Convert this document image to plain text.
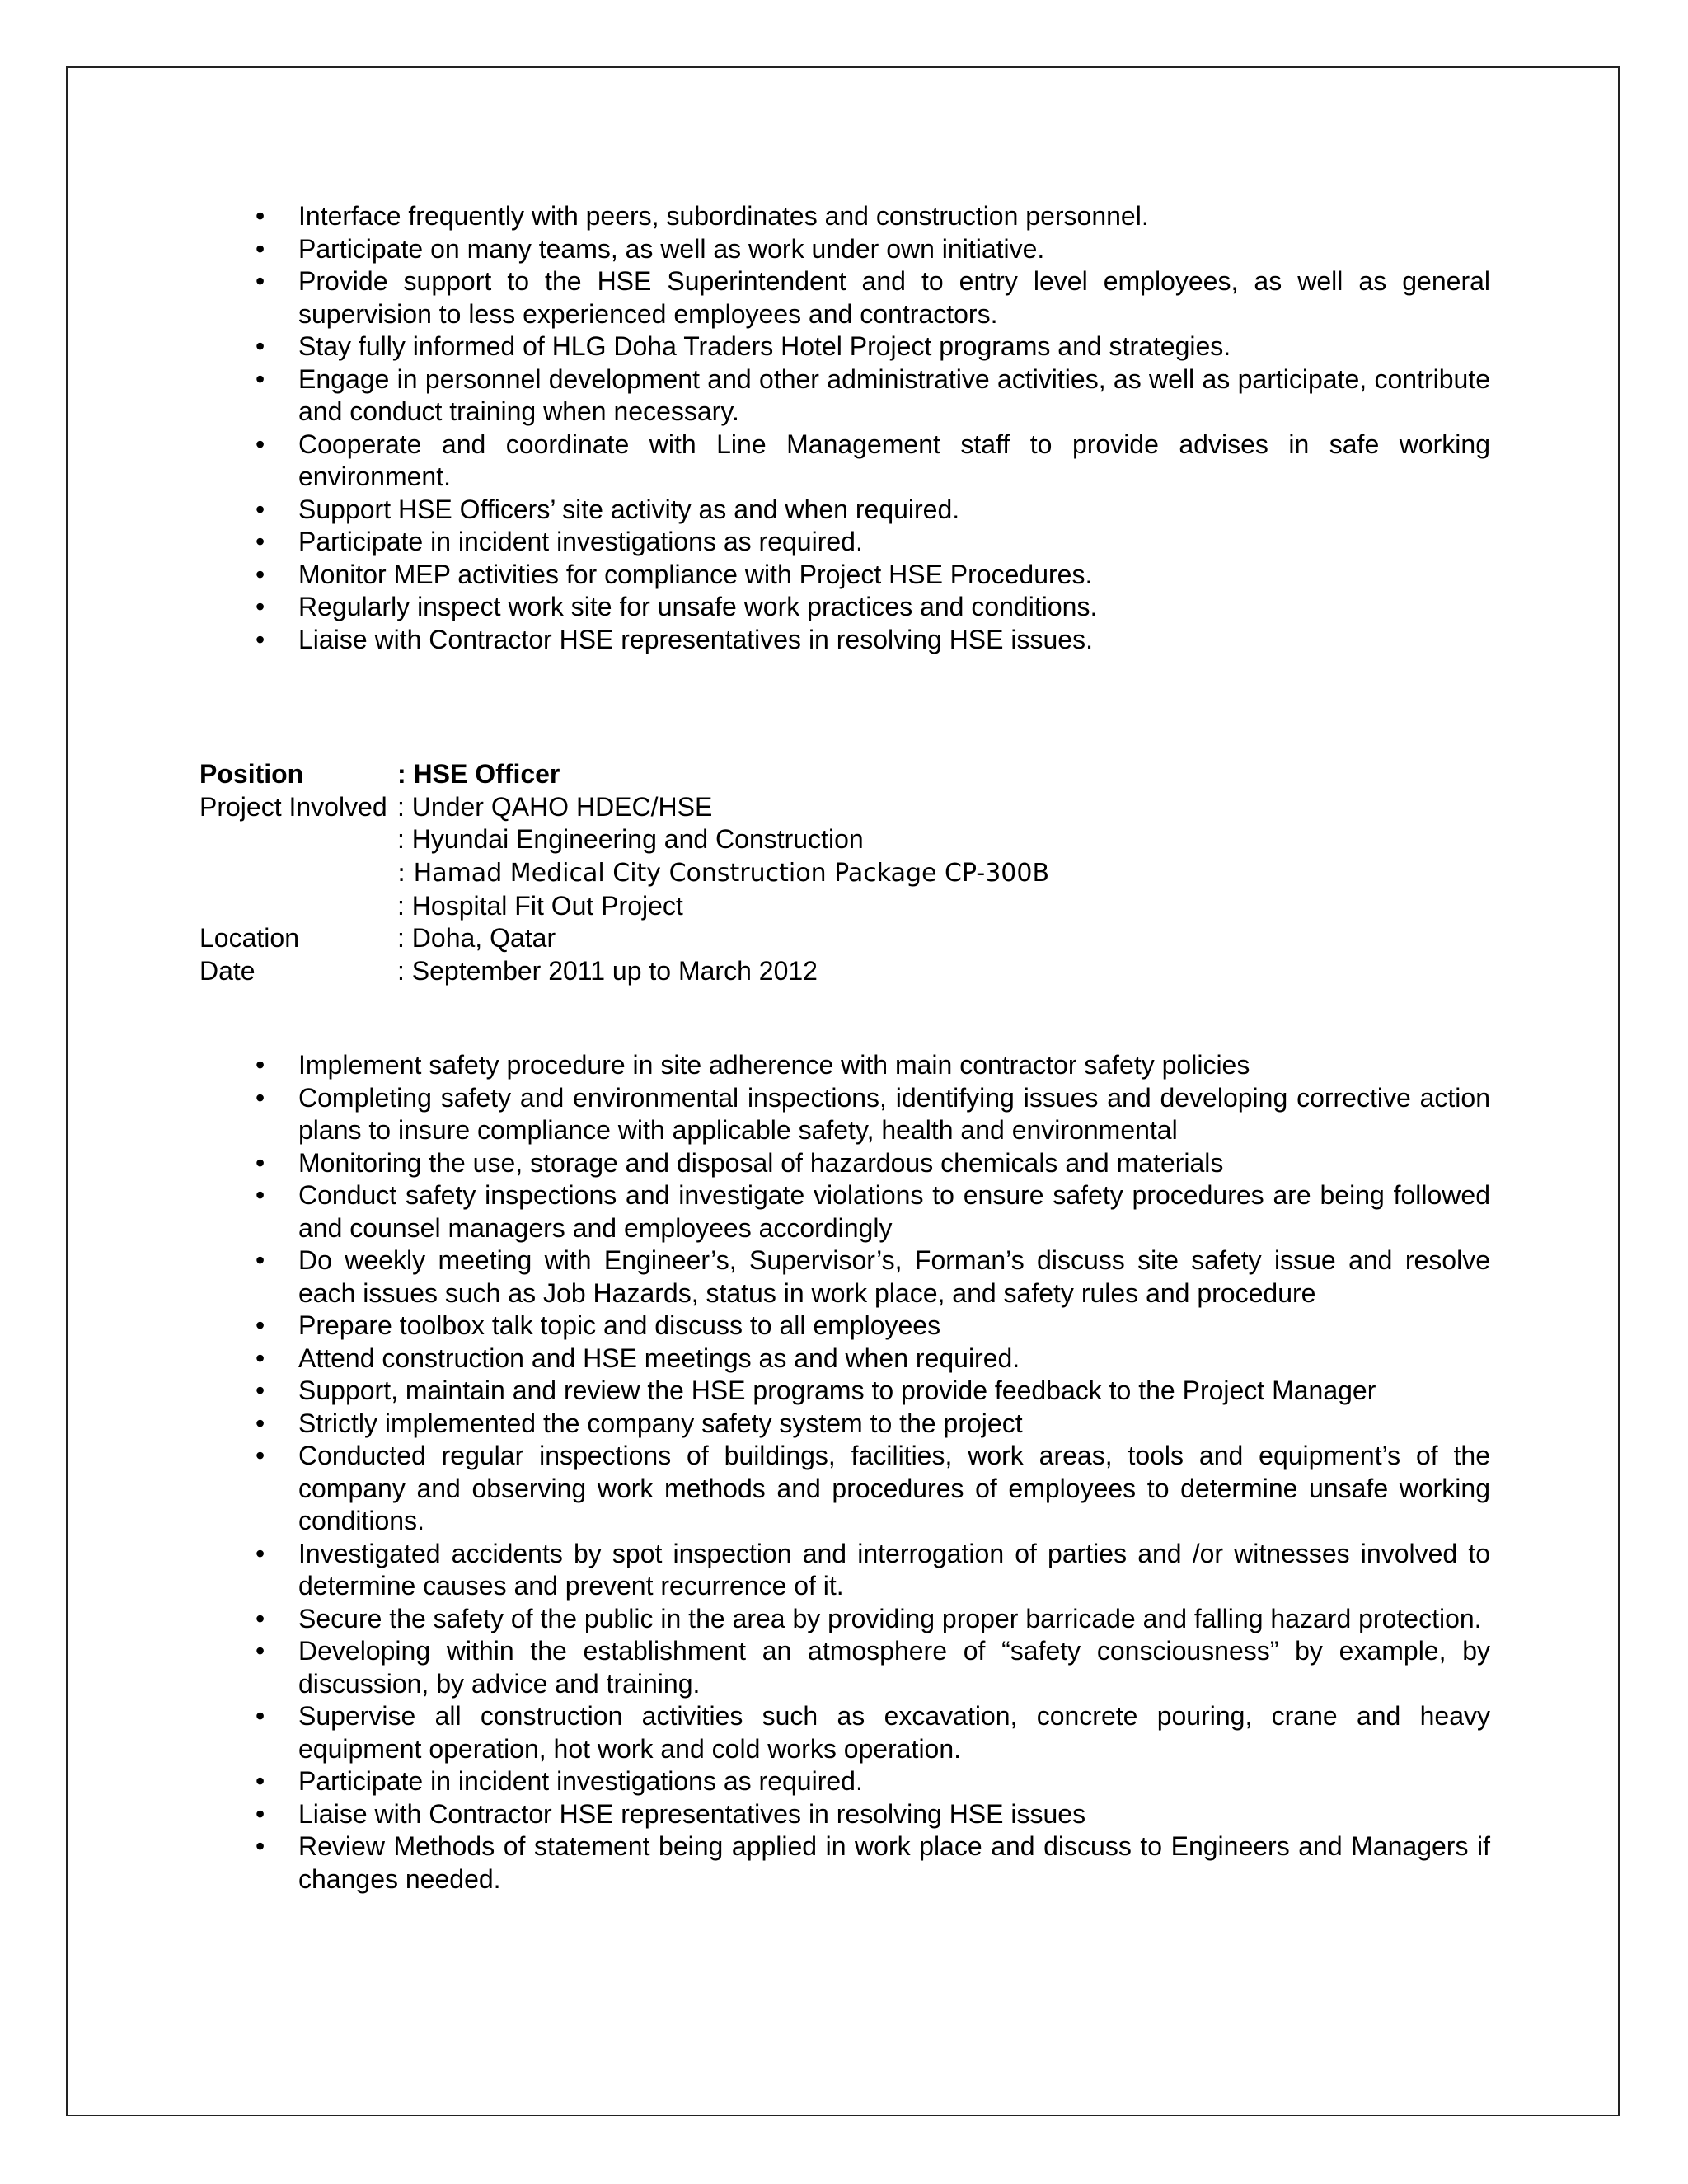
• Interface frequently with peers, subordinates and construction personnel.
• Participate on many teams, as well as work under own initiative.
• Provide support to the HSE Superintendent and to entry level employees, as well as general supervision to less experienced employees and contractors.
• Stay fully informed of HLG Doha Traders Hotel Project programs and strategies.
• Engage in personnel development and other administrative activities, as well as participate, contribute and conduct training when necessary.
• Cooperate and coordinate with Line Management staff to provide advises in safe working environment.
• Support HSE Officers’ site activity as and when required.
• Participate in incident investigations as required.
• Monitor MEP activities for compliance with Project HSE Procedures.
• Regularly inspect work site for unsafe work practices and conditions.
• Liaise with Contractor HSE representatives in resolving HSE issues.
Position	: HSE Officer
Project Involved : Under QAHO HDEC/HSE
: Hyundai Engineering and Construction
: Hamad Medical City Construction Package CP-300B
: Hospital Fit Out Project
Location	: Doha, Qatar
Date	: September 2011 up to March 2012
• Implement safety procedure in site adherence with main contractor safety policies
• Completing safety and environmental inspections, identifying issues and developing corrective action plans to insure compliance with applicable safety, health and environmental
• Monitoring the use, storage and disposal of hazardous chemicals and materials
• Conduct safety inspections and investigate violations to ensure safety procedures are being followed and counsel managers and employees accordingly
• Do weekly meeting with Engineer’s, Supervisor’s, Forman’s discuss site safety issue and resolve each issues such as Job Hazards, status in work place, and safety rules and procedure
• Prepare toolbox talk topic and discuss to all employees
• Attend construction and HSE meetings as and when required.
• Support, maintain and review the HSE programs to provide feedback to the Project Manager
• Strictly implemented the company safety system to the project
• Conducted regular inspections of buildings, facilities, work areas, tools and equipment’s of the company and observing work methods and procedures of employees to determine unsafe working conditions.
• Investigated accidents by spot inspection and interrogation of parties and /or witnesses involved to determine causes and prevent recurrence of it.
• Secure the safety of the public in the area by providing proper barricade and falling hazard protection.
• Developing within the establishment an atmosphere of “safety consciousness” by example, by discussion, by advice and training.
• Supervise all construction activities such as excavation, concrete pouring, crane and heavy equipment operation, hot work and cold works operation.
• Participate in incident investigations as required.
• Liaise with Contractor HSE representatives in resolving HSE issues
• Review Methods of statement being applied in work place and discuss to Engineers and Managers if changes needed.
